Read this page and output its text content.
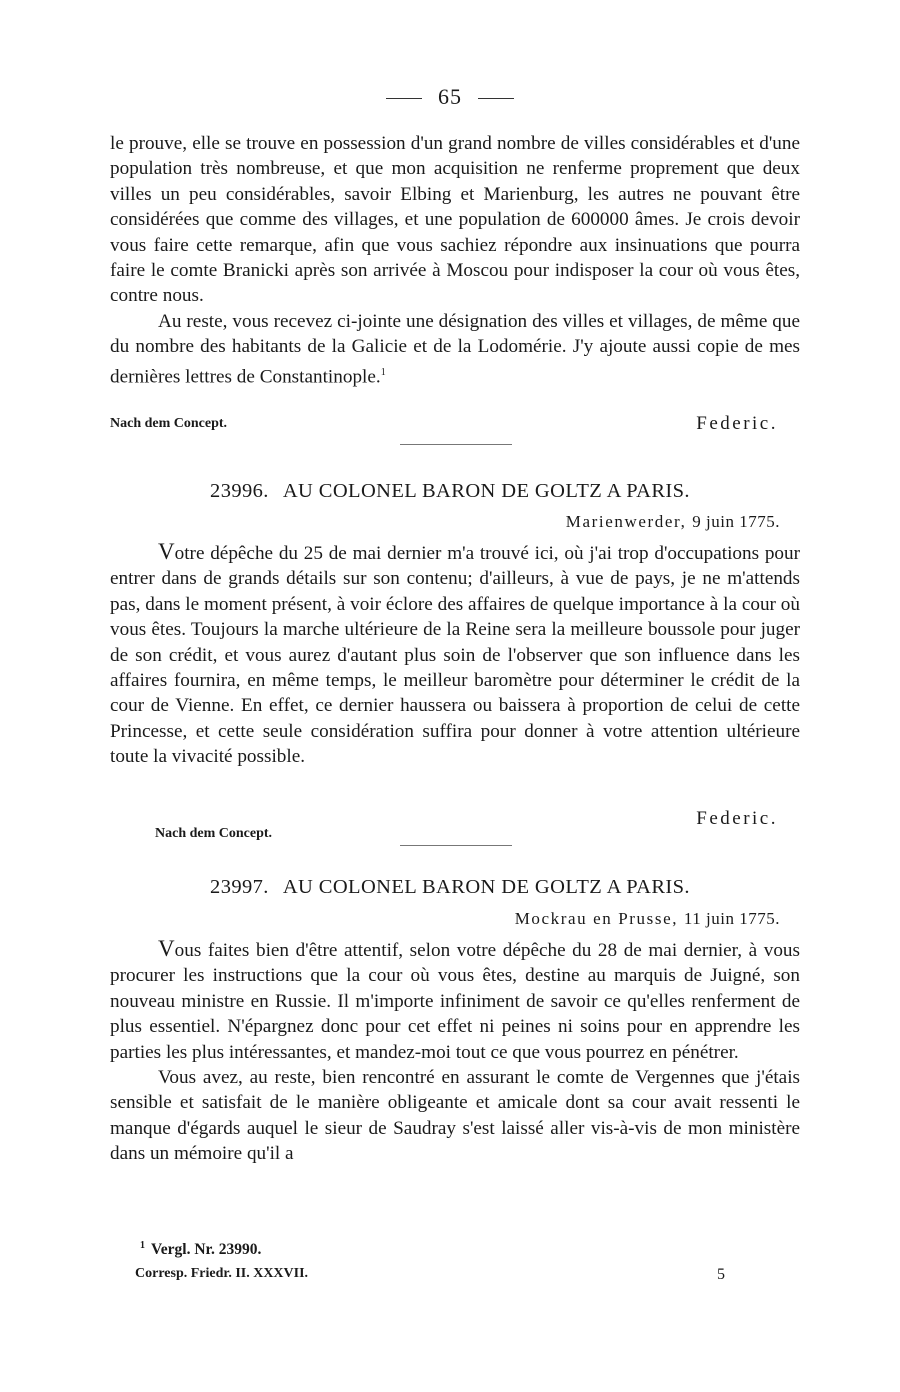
65

le prouve, elle se trouve en possession d'un grand nombre de villes considérables et d'une population très nombreuse, et que mon acquisition ne renferme proprement que deux villes un peu considérables, savoir Elbing et Marienburg, les autres ne pouvant être considérées que comme des villages, et une population de 600000 âmes. Je crois devoir vous faire cette remarque, afin que vous sachiez répondre aux insinuations que pourra faire le comte Branicki après son arrivée à Moscou pour indisposer la cour où vous êtes, contre nous.

Au reste, vous recevez ci-jointe une désignation des villes et villages, de même que du nombre des habitants de la Galicie et de la Lodomérie. J'y ajoute aussi copie de mes dernières lettres de Constantinople.$^1$

Nach dem Concept.	Federic.
23996. AU COLONEL BARON DE GOLTZ A PARIS.
Marienwerder, 9 juin 1775.

Votre dépêche du 25 de mai dernier m'a trouvé ici, où j'ai trop d'occupations pour entrer dans de grands détails sur son contenu; d'ailleurs, à vue de pays, je ne m'attends pas, dans le moment présent, à voir éclore des affaires de quelque importance à la cour où vous êtes. Toujours la marche ultérieure de la Reine sera la meilleure boussole pour juger de son crédit, et vous aurez d'autant plus soin de l'observer que son influence dans les affaires fournira, en même temps, le meilleur baromètre pour déterminer le crédit de la cour de Vienne. En effet, ce dernier haussera ou baissera à proportion de celui de cette Princesse, et cette seule considération suffira pour donner à votre attention ultérieure toute la vivacité possible.

Nach dem Concept.
Federic.
23997. AU COLONEL BARON DE GOLTZ A PARIS.
Mockrau en Prusse, 11 juin 1775.

Vous faites bien d'être attentif, selon votre dépêche du 28 de mai dernier, à vous procurer les instructions que la cour où vous êtes, destine au marquis de Juigné, son nouveau ministre en Russie. Il m'importe infiniment de savoir ce qu'elles renferment de plus essentiel. N'épargnez donc pour cet effet ni peines ni soins pour en apprendre les parties les plus intéressantes, et mandez-moi tout ce que vous pourrez en pénétrer.

Vous avez, au reste, bien rencontré en assurant le comte de Vergennes que j'étais sensible et satisfait de le manière obligeante et amicale dont sa cour avait ressenti le manque d'égards auquel le sieur de Saudray s'est laissé aller vis-à-vis de mon ministère dans un mémoire qu'il a

$^1$ Vergl. Nr. 23990.
Corresp. Friedr. II. XXXVII.	5
